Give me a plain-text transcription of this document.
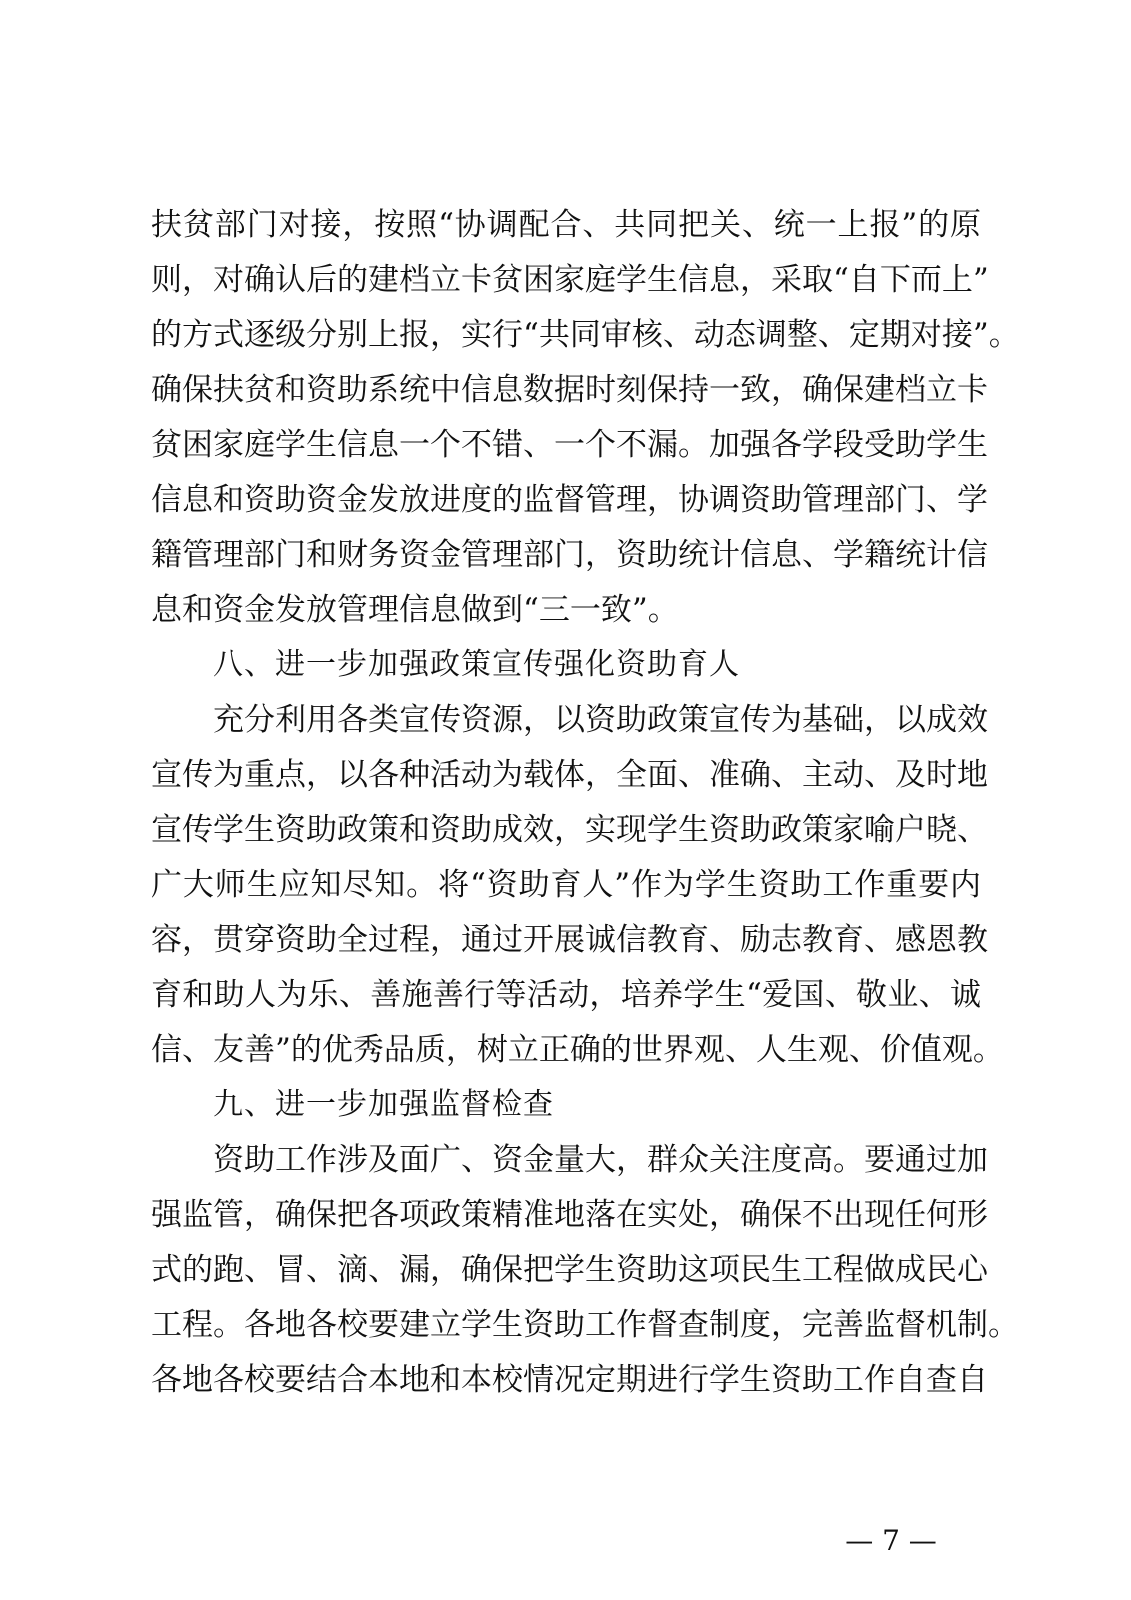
扶贫部门对接，按照“协调配合、共同把关、统一上报”的原
则，对确认后的建档立卡贫困家庭学生信息，采取“自下而上”
的方式逐级分别上报，实行“共同审核、动态调整、定期对接”。
确保扶贫和资助系统中信息数据时刻保持一致，确保建档立卡
贫困家庭学生信息一个不错、一个不漏。加强各学段受助学生
信息和资助资金发放进度的监督管理，协调资助管理部门、学
籍管理部门和财务资金管理部门，资助统计信息、学籍统计信
息和资金发放管理信息做到“三一致”。
八、进一步加强政策宣传强化资助育人
充分利用各类宣传资源，以资助政策宣传为基础，以成效
宣传为重点，以各种活动为载体，全面、准确、主动、及时地
宣传学生资助政策和资助成效，实现学生资助政策家喻户晓、
广大师生应知尽知。将“资助育人”作为学生资助工作重要内
容，贯穿资助全过程，通过开展诚信教育、励志教育、感恩教
育和助人为乐、善施善行等活动，培养学生“爱国、敬业、诚
信、友善”的优秀品质，树立正确的世界观、人生观、价值观。
九、进一步加强监督检查
资助工作涉及面广、资金量大，群众关注度高。要通过加
强监管，确保把各项政策精准地落在实处，确保不出现任何形
式的跑、冒、滴、漏，确保把学生资助这项民生工程做成民心
工程。各地各校要建立学生资助工作督查制度，完善监督机制。
各地各校要结合本地和本校情况定期进行学生资助工作自查自
— 7 —
